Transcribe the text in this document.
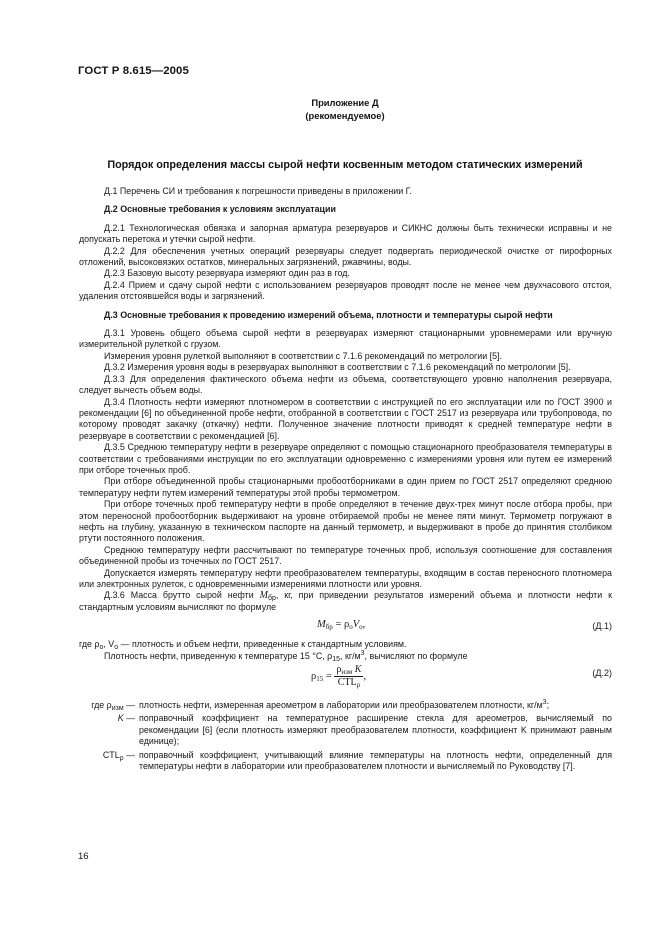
ГОСТ Р 8.615—2005
Приложение Д
(рекомендуемое)
Порядок определения массы сырой нефти косвенным методом статических измерений

Д.1 Перечень СИ и требования к погрешности приведены в приложении Г.

Д.2 Основные требования к условиям эксплуатации

Д.2.1 Технологическая обвязка и запорная арматура резервуаров и СИКНС должны быть технически исправны и не допускать перетока и утечки сырой нефти.

Д.2.2 Для обеспечения учетных операций резервуары следует подвергать периодической очистке от пирофорных отложений, высоковязких остатков, минеральных загрязнений, ржавчины, воды.

Д.2.3 Базовую высоту резервуара измеряют один раз в год.

Д.2.4 Прием и сдачу сырой нефти с использованием резервуаров проводят после не менее чем двухчасового отстоя, удаления отстоявшейся воды и загрязнений.

Д.3 Основные требования к проведению измерений объема, плотности и температуры сырой нефти

Д.3.1 Уровень общего объема сырой нефти в резервуарах измеряют стационарными уровнемерами или вручную измерительной рулеткой с грузом.

Измерения уровня рулеткой выполняют в соответствии с 7.1.6 рекомендаций по метрологии [5].

Д.3.2 Измерения уровня воды в резервуарах выполняют в соответствии с 7.1.6 рекомендаций по метрологии [5].

Д.3.3 Для определения фактического объема нефти из объема, соответствующего уровню наполнения резервуара, следует вычесть объем воды.

Д.3.4 Плотность нефти измеряют плотномером в соответствии с инструкцией по его эксплуатации или по ГОСТ 3900 и рекомендации [6] по объединенной пробе нефти, отобранной в соответствии с ГОСТ 2517 из резервуара или трубопровода, по которому проводят закачку (откачку) нефти. Полученное значение плотности приводят к средней температуре нефти в резервуаре в соответствии с рекомендацией [6].

Д.3.5 Среднюю температуру нефти в резервуаре определяют с помощью стационарного преобразователя температуры в соответствии с требованиями инструкции по его эксплуатации одновременно с измерениями уровня или путем ее измерений при отборе точечных проб.

При отборе объединенной пробы стационарными пробоотборниками в один прием по ГОСТ 2517 определяют среднюю температуру нефти путем измерений температуры этой пробы термометром.

При отборе точечных проб температуру нефти в пробе определяют в течение двух-трех минут после отбора пробы, при этом переносной пробоотборник выдерживают на уровне отбираемой пробы не менее пяти минут. Термометр погружают в нефть на глубину, указанную в техническом паспорте на данный термометр, и выдерживают в пробе до принятия столбиком ртути постоянного положения.

Среднюю температуру нефти рассчитывают по температуре точечных проб, используя соотношение для составления объединенной пробы из точечных по ГОСТ 2517.

Допускается измерять температуру нефти преобразователем температуры, входящим в состав переносного плотномера или электронных рулеток, с одновременными измерениями плотности или уровня.

Д.3.6 Масса брутто сырой нефти $M_{бр}$, кг, при приведении результатов измерений объема и плотности нефти к стандартным условиям вычисляют по формуле

$M_{бр} = \rho_oV_o$,	(Д.1)

где $\rho_o$, $V_o$ — плотность и объем нефти, приведенные к стандартным условиям.

Плотность нефти, приведенную к температуре 15 °С, $\rho_{15}$, $кг/м^3$, вычисляют по формуле

$\rho_{15} = \frac{\rho_{изм} K}{CTL_\rho}$ ,	(Д.2)
где $\rho_{изм}$ — плотность нефти, измеренная ареометром в лаборатории или преобразователем плотности, $кг/м^3$;
K — поправочный коэффициент на температурное расширение стекла для ареометров, вычисляемый по рекомендации [6] (если плотность измеряют преобразователем плотности, коэффициент K принимают равным единице);
$CTL_\rho$ — поправочный коэффициент, учитывающий влияние температуры на плотность нефти, определенный для температуры нефти в лаборатории или преобразователем плотности и вычисляемый по Руководству [7].
16
